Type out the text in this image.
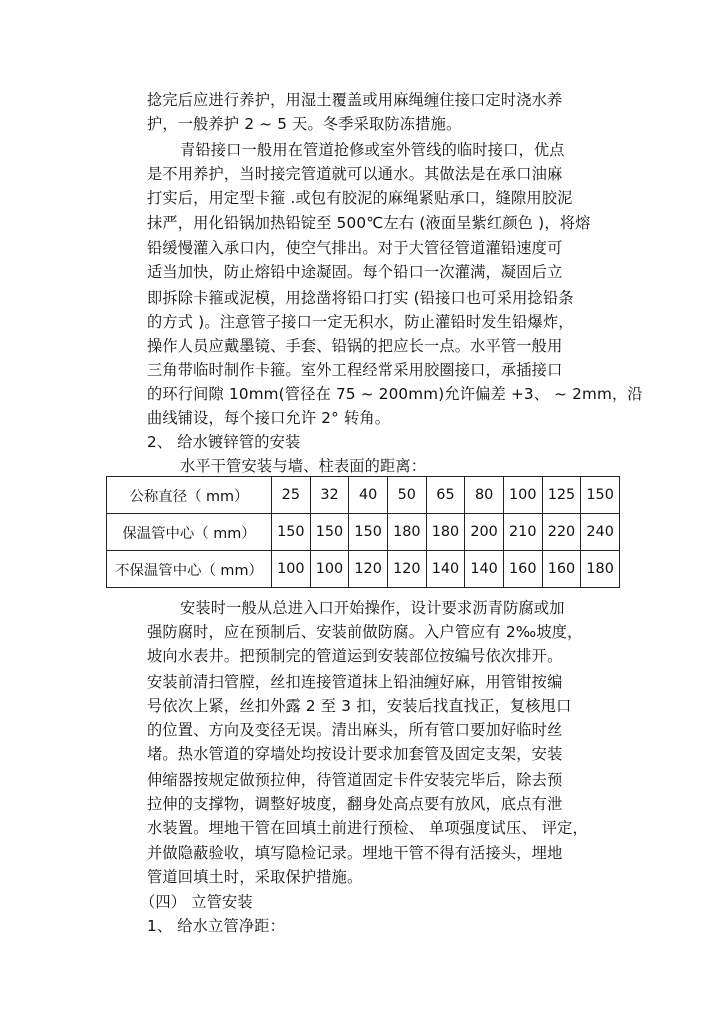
捻完后应进行养护，用湿土覆盖或用麻绳缠住接口定时浇水养
护，一般养护 2 ~ 5 天。冬季采取防冻措施。
青铅接口一般用在管道抢修或室外管线的临时接口，优点
是不用养护，当时接完管道就可以通水。其做法是在承口油麻
打实后，用定型卡箍 .或包有胶泥的麻绳紧贴承口，缝隙用胶泥
抹严，用化铅锅加热铅锭至 500℃左右 (液面呈紫红颜色 )，将熔
铅缓慢灌入承口内，使空气排出。对于大管径管道灌铅速度可
适当加快，防止熔铅中途凝固。每个铅口一次灌满，凝固后立
即拆除卡箍或泥模，用捻凿将铅口打实 (铅接口也可采用捻铅条
的方式 )。注意管子接口一定无积水，防止灌铅时发生铅爆炸，
操作人员应戴墨镜、手套、铅锅的把应长一点。水平管一般用
三角带临时制作卡箍。室外工程经常采用胶圈接口，承插接口
的环行间隙 10mm(管径在 75 ~ 200mm)允许偏差 +3、 ~ 2mm，沿
曲线铺设，每个接口允许 2° 转角。
2、 给水镀锌管的安装
水平干管安装与墙、柱表面的距离：
公称直径（ mm）	25	32	40	50	65	80	100	125	150
保温管中心（ mm）	150	150	150	180	180	200	210	220	240
不保温管中心（ mm）	100	100	120	120	140	140	160	160	180
安装时一般从总进入口开始操作，设计要求沥青防腐或加
强防腐时，应在预制后、安装前做防腐。入户管应有 2‰坡度，
坡向水表井。把预制完的管道运到安装部位按编号依次排开。
安装前清扫管膛，丝扣连接管道抹上铅油缠好麻，用管钳按编
号依次上紧，丝扣外露 2 至 3 扣，安装后找直找正，复核甩口
的位置、方向及变径无误。清出麻头，所有管口要加好临时丝
堵。热水管道的穿墙处均按设计要求加套管及固定支架，安装
伸缩器按规定做预拉伸，待管道固定卡件安装完毕后，除去预
拉伸的支撑物，调整好坡度，翻身处高点要有放风，底点有泄
水装置。埋地干管在回填土前进行预检、 单项强度试压、 评定，
并做隐蔽验收，填写隐检记录。埋地干管不得有活接头，埋地
管道回填土时，采取保护措施。
（四） 立管安装
1、 给水立管净距：
